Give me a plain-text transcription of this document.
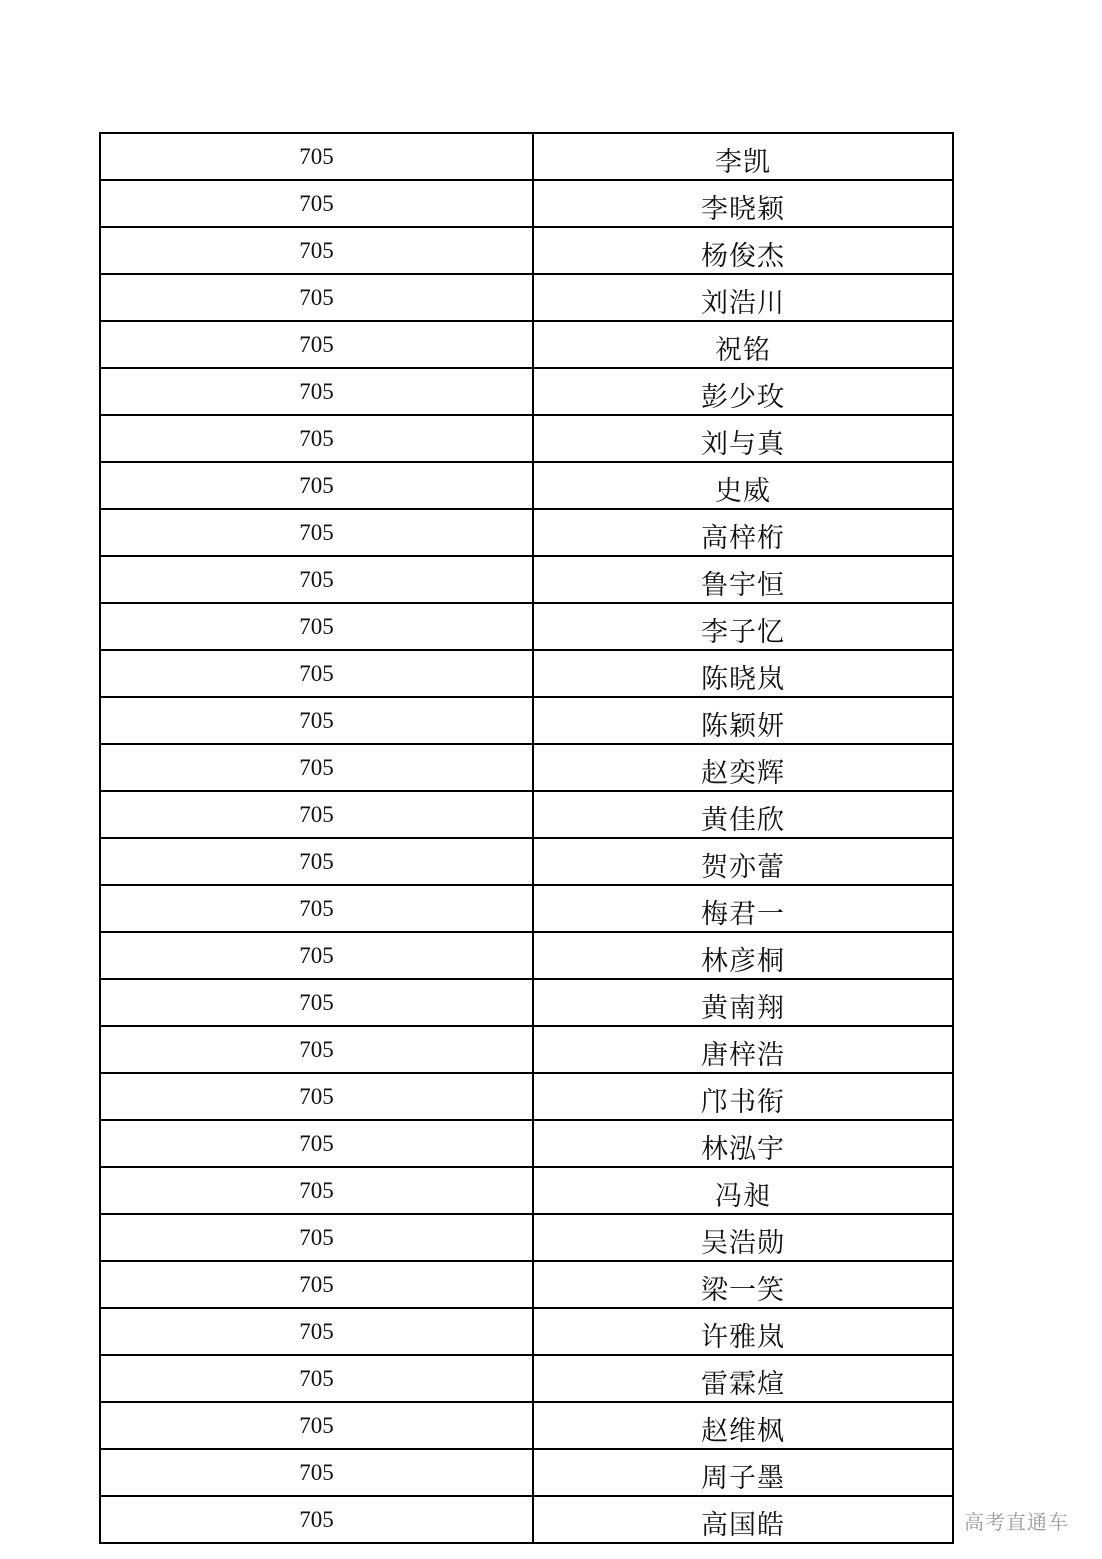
705	李凯
705	李晓颖
705	杨俊杰
705	刘浩川
705	祝铭
705	彭少玫
705	刘与真
705	史威
705	高梓桁
705	鲁宇恒
705	李子忆
705	陈晓岚
705	陈颖妍
705	赵奕辉
705	黄佳欣
705	贺亦蕾
705	梅君一
705	林彦桐
705	黄南翔
705	唐梓浩
705	邝书衔
705	林泓宇
705	冯昶
705	吴浩勋
705	梁一笑
705	许雅岚
705	雷霖煊
705	赵维枫
705	周子墨
705	高国皓	高考直通车
